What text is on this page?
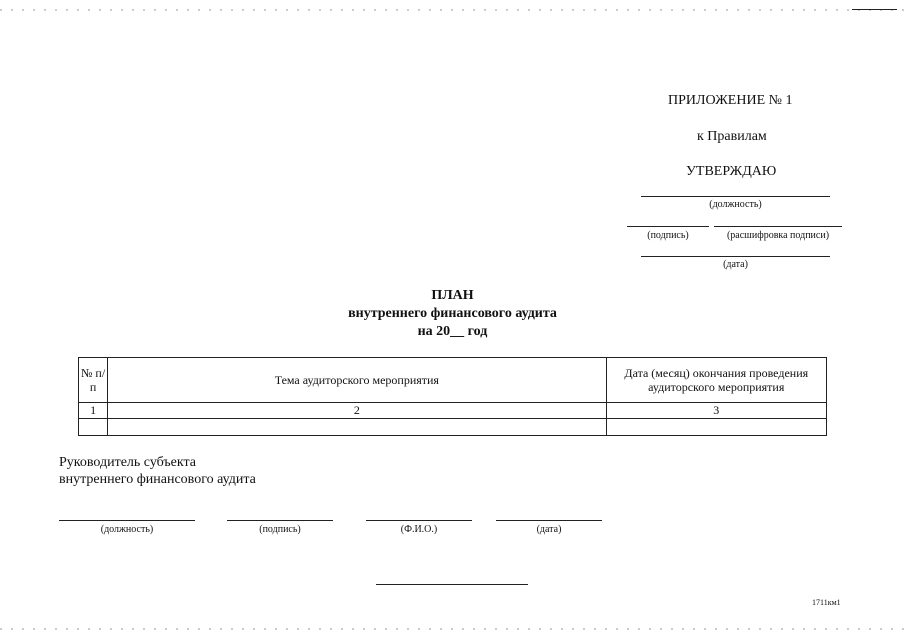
ПРИЛОЖЕНИЕ № 1
к Правилам
УТВЕРЖДАЮ
(должность)
(подпись)	(расшифровка подписи)
(дата)
ПЛАН
внутреннего финансового аудита
на 20__ год
№ п/п	Тема аудиторского мероприятия	Дата (месяц) окончания проведения аудиторского мероприятия
1	2	3

Руководитель субъекта
внутреннего финансового аудита
(должность)	(подпись)	(Ф.И.О.)	(дата)
1711км1
